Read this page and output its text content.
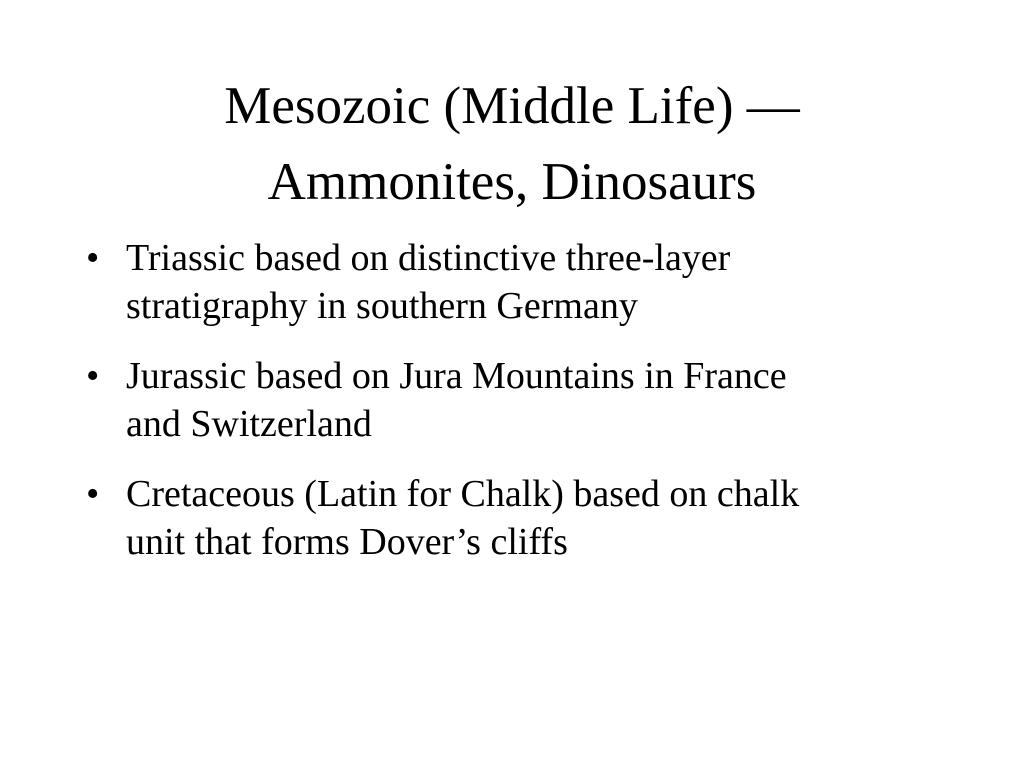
Mesozoic (Middle Life) —
Ammonites, Dinosaurs
• Triassic based on distinctive three-layer
stratigraphy in southern Germany
• Jurassic based on Jura Mountains in France
and Switzerland
• Cretaceous (Latin for Chalk) based on chalk
unit that forms Dover’s cliffs
